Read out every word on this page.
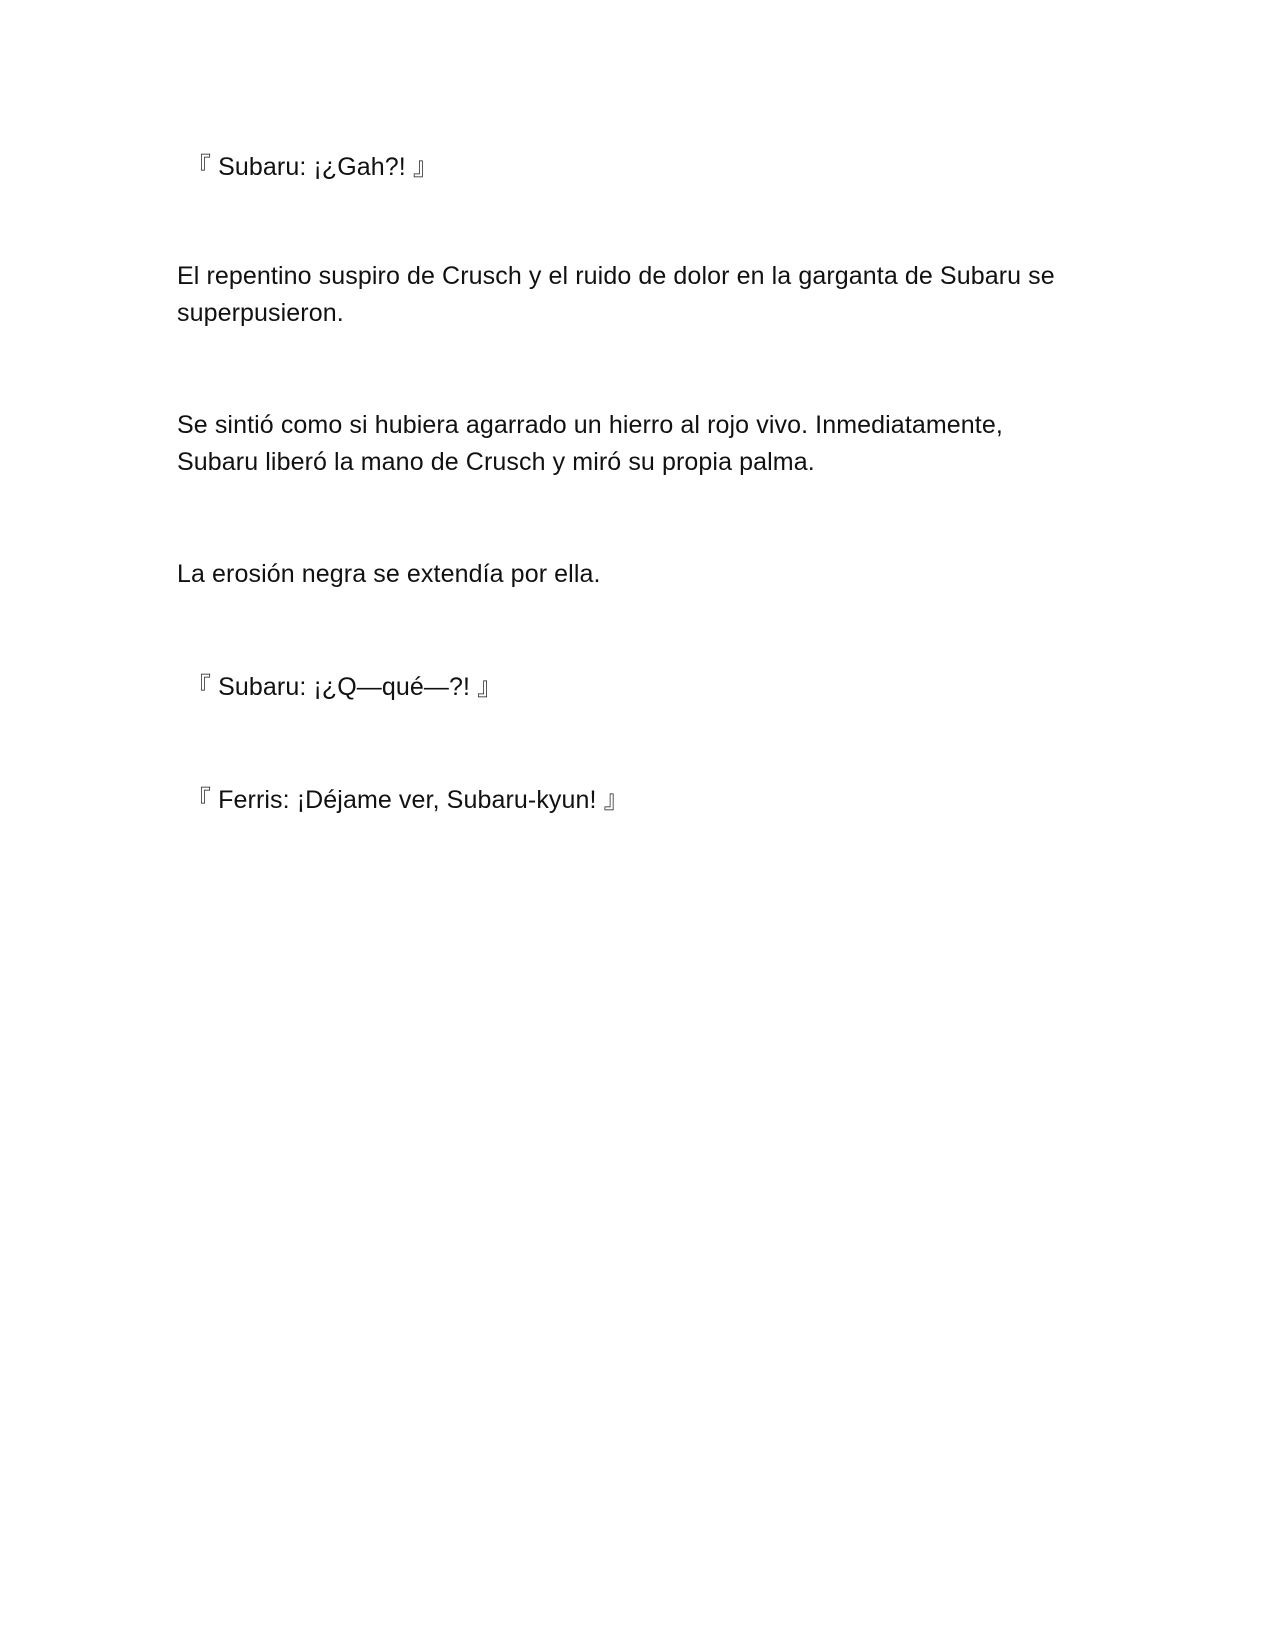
『 Subaru: ¡¿Gah?! 』

El repentino suspiro de Crusch y el ruido de dolor en la garganta de Subaru se
superpusieron.

Se sintió como si hubiera agarrado un hierro al rojo vivo. Inmediatamente,
Subaru liberó la mano de Crusch y miró su propia palma.

La erosión negra se extendía por ella.

『 Subaru: ¡¿Q—qué—?! 』

『 Ferris: ¡Déjame ver, Subaru-kyun! 』
